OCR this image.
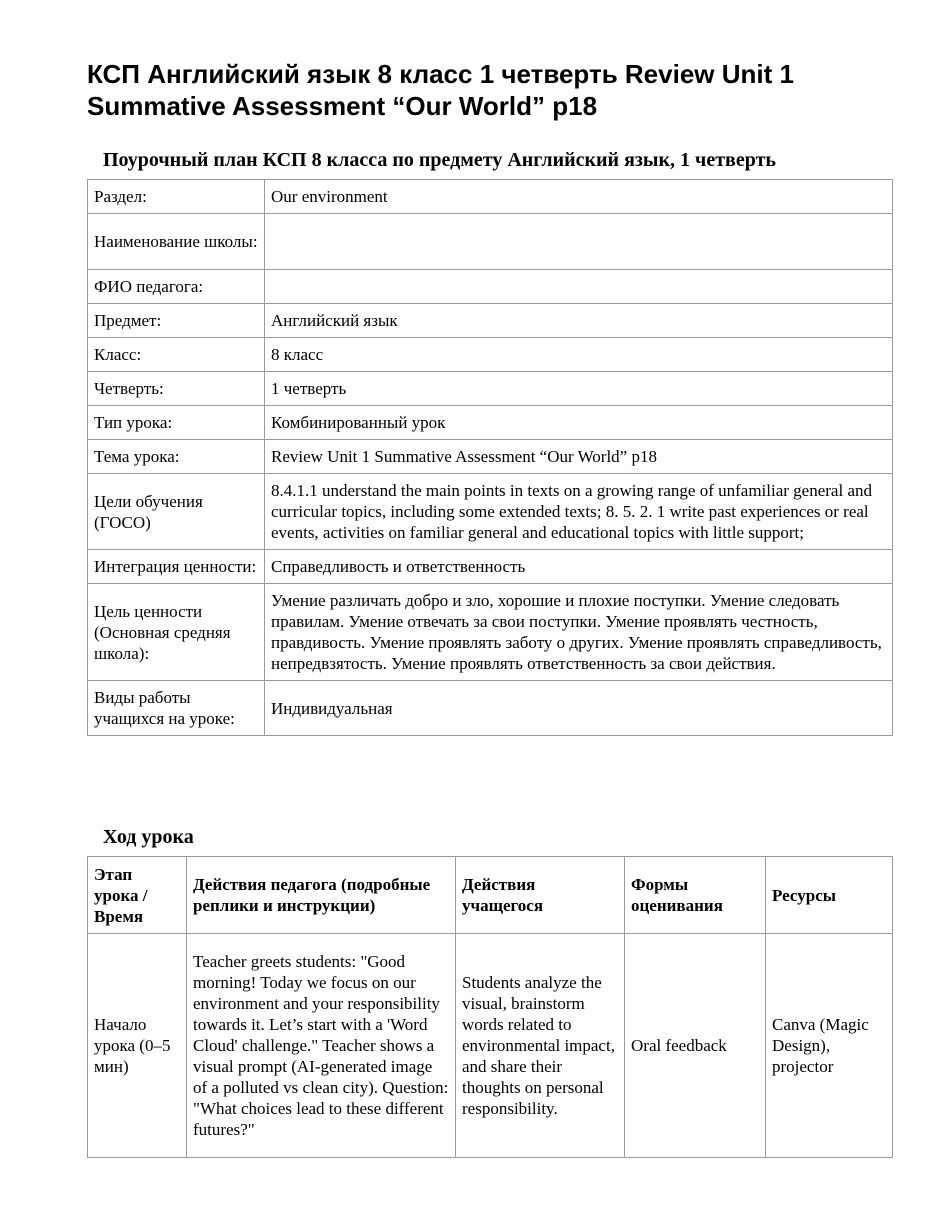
КСП Английский язык 8 класс 1 четверть Review Unit 1 Summative Assessment “Our World” p18
Поурочный план КСП 8 класса по предмету Английский язык, 1 четверть
Раздел:	Our environment
Наименование школы:	
ФИО педагога:	
Предмет:	Английский язык
Класс:	8 класс
Четверть:	1 четверть
Тип урока:	Комбинированный урок
Тема урока:	Review Unit 1 Summative Assessment “Our World” p18
Цели обучения (ГОСО)	8.4.1.1 understand the main points in texts on a growing range of unfamiliar general and curricular topics, including some extended texts; 8. 5. 2. 1 write past experiences or real events, activities on familiar general and educational topics with little support;
Интеграция ценности:	Справедливость и ответственность
Цель ценности (Основная средняя школа):	Умение различать добро и зло, хорошие и плохие поступки. Умение следовать правилам. Умение отвечать за свои поступки. Умение проявлять честность, правдивость. Умение проявлять заботу о других. Умение проявлять справедливость, непредвзятость. Умение проявлять ответственность за свои действия.
Виды работы учащихся на уроке:	Индивидуальная
Ход урока
Этап урока / Время	Действия педагога (подробные реплики и инструкции)	Действия учащегося	Формы оценивания	Ресурсы
Начало урока (0–5 мин)	Teacher greets students: "Good morning! Today we focus on our environment and your responsibility towards it. Let’s start with a 'Word Cloud' challenge." Teacher shows a visual prompt (AI-generated image of a polluted vs clean city). Question: "What choices lead to these different futures?"	Students analyze the visual, brainstorm words related to environmental impact, and share their thoughts on personal responsibility.	Oral feedback	Canva (Magic Design), projector
